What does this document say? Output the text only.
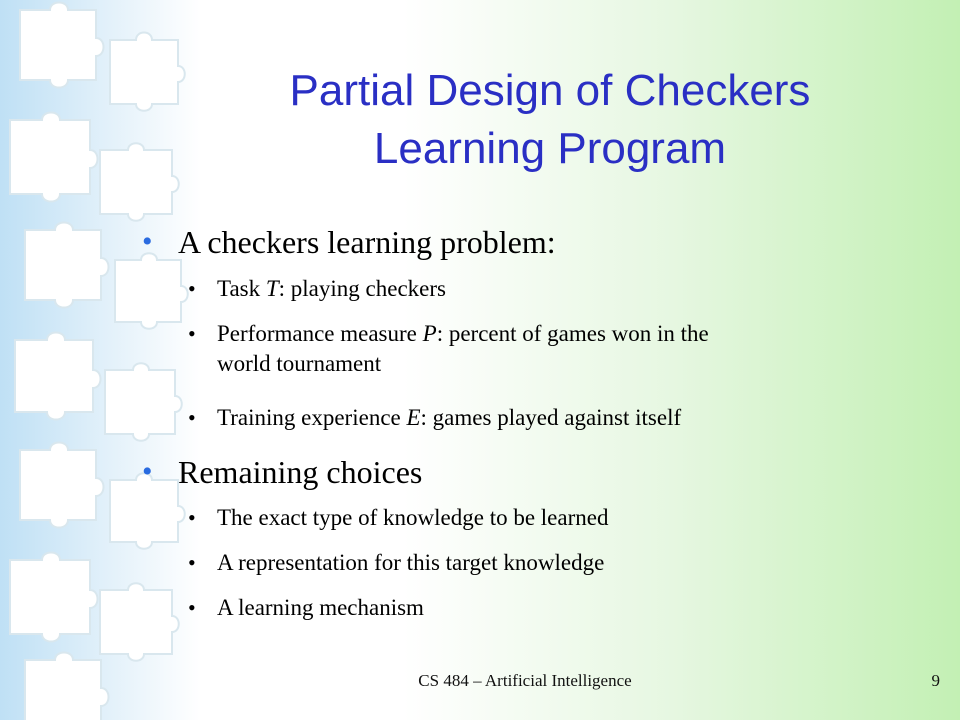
Partial Design of Checkers
Learning Program
• A checkers learning problem:
• Task T: playing checkers
• Performance measure P: percent of games won in the
world tournament
• Training experience E: games played against itself
• Remaining choices
• The exact type of knowledge to be learned
• A representation for this target knowledge
• A learning mechanism
CS 484 – Artificial Intelligence	9
